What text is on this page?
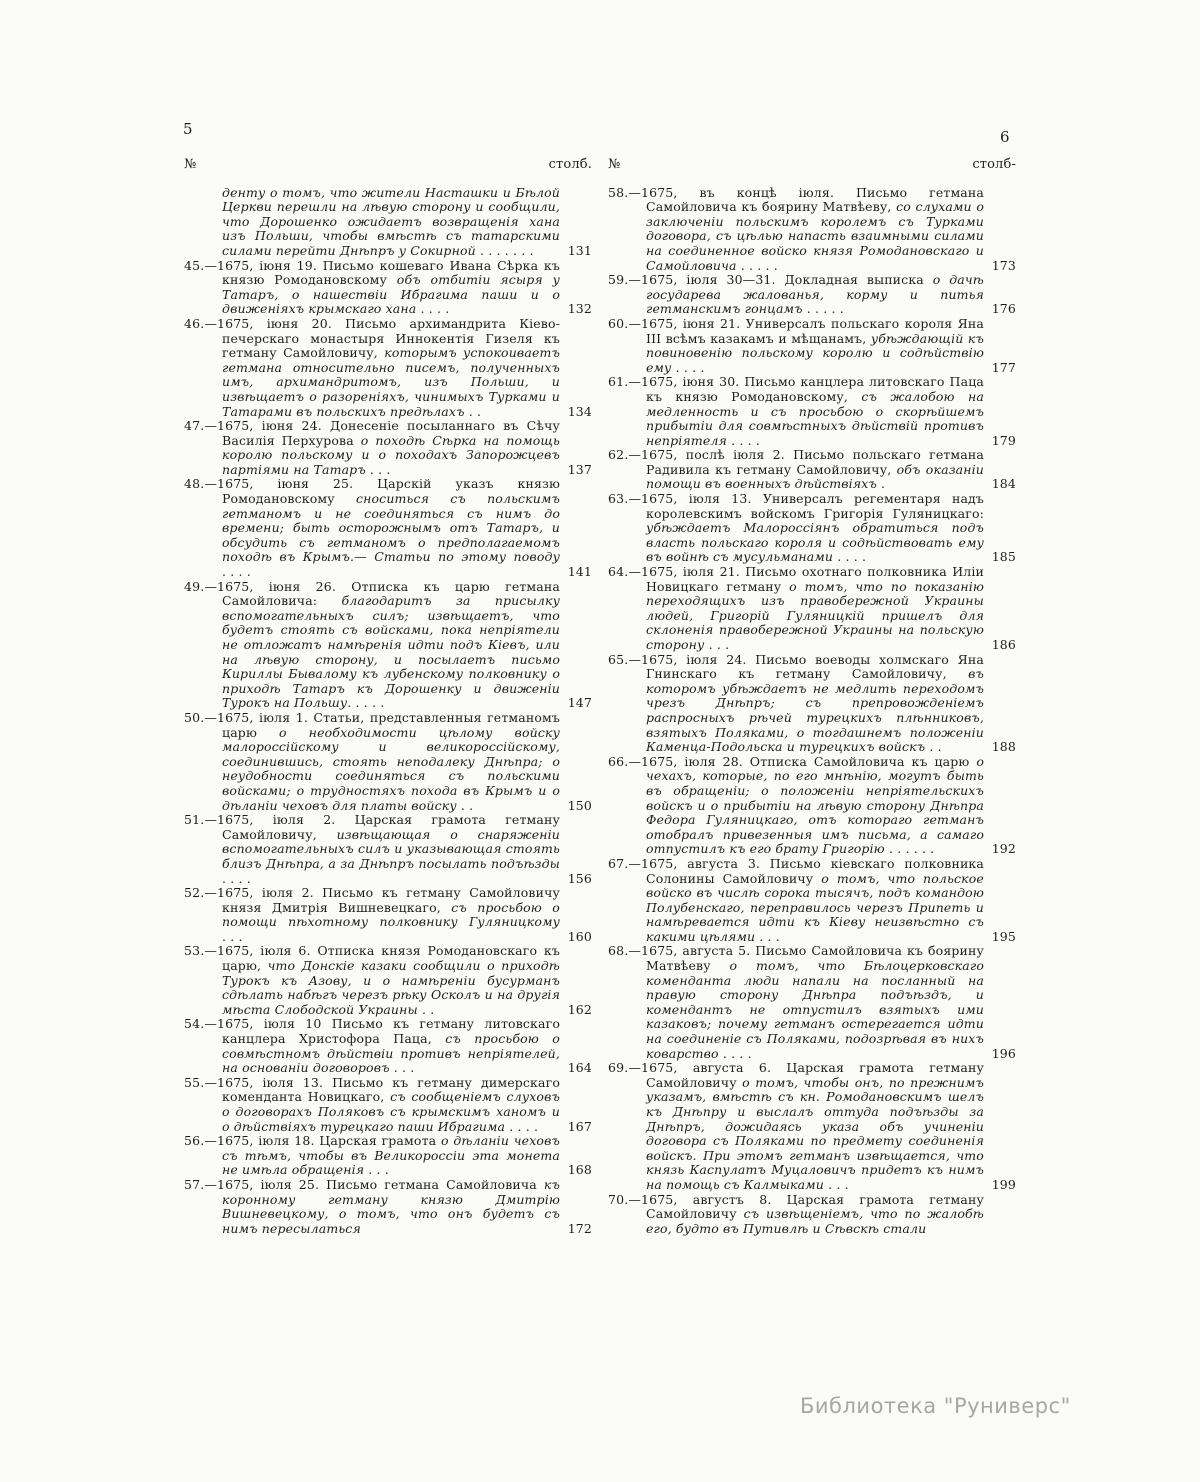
5	6
№	столб.
денту о томъ, что жители Насташки и Бѣлой Церкви перешли на лѣвую сторону и сообщили, что Дорошенко ожидаетъ возвращенія хана изъ Польши, чтобы вмѣстѣ съ татарскими силами перейти Днѣпръ у Сокирной . . . . . . .	131
45.—1675, іюня 19. Письмо кошеваго Ивана Сѣрка къ князю Ромодановскому объ отбитіи ясыря у Татаръ, о нашествіи Ибрагима паши и о движеніяхъ крымскаго хана . . . .	132
46.—1675, іюня 20. Письмо архимандрита Кіево-печерскаго монастыря Иннокентія Гизеля къ гетману Самойловичу, которымъ успокоиваетъ гетмана относительно писемъ, полученныхъ имъ, архимандритомъ, изъ Польши, и извѣщаетъ о разореніяхъ, чинимыхъ Турками и Татарами въ польскихъ предѣлахъ . .	134
47.—1675, іюня 24. Донесеніе посыланнаго въ Сѣчу Василія Перхурова о походѣ Сѣрка на помощь королю польскому и о походахъ Запорожцевъ партіями на Татаръ . . .	137
48.—1675, іюня 25. Царскій указъ князю Ромодановскому сноситься съ польскимъ гетманомъ и не соединяться съ нимъ до времени; быть осторожнымъ отъ Татаръ, и обсудить съ гетманомъ о предполагаемомъ походѣ въ Крымъ.— Статьи по этому поводу . . . .	141
49.—1675, іюня 26. Отписка къ царю гетмана Самойловича: благодаритъ за присылку вспомогательныхъ силъ; извѣщаетъ, что будетъ стоять съ войсками, пока непріятели не отложатъ намѣренія идти подъ Кіевъ, или на лѣвую сторону, и посылаетъ письмо Кириллы Бывалому къ лубенскому полковнику о приходѣ Татаръ къ Дорошенку и движеніи Турокъ на Польшу. . . . .	147
50.—1675, іюля 1. Статьи, представленныя гетманомъ царю о необходимости цѣлому войску малороссійскому и великороссійскому, соединившись, стоять неподалеку Днѣпра; о неудобности соединяться съ польскими войсками; о трудностяхъ похода въ Крымъ и о дѣланіи чеховъ для платы войску . .	150
51.—1675, іюля 2. Царская грамота гетману Самойловичу, извѣщающая о снаряженіи вспомогательныхъ силъ и указывающая стоять близъ Днѣпра, а за Днѣпръ посылать подъѣзды . . . .	156
52.—1675, іюля 2. Письмо къ гетману Самойловичу князя Дмитрія Вишневецкаго, съ просьбою о помощи пѣхотному полковнику Гуляницкому . . .	160
53.—1675, іюля 6. Отписка князя Ромодановскаго къ царю, что Донскіе казаки сообщили о приходѣ Турокъ къ Азову, и о намѣреніи бусурманъ сдѣлать набѣгъ черезъ рѣку Осколъ и на другія мѣста Слободской Украины . .	162
54.—1675, іюля 10 Письмо къ гетману литовскаго канцлера Христофора Паца, съ просьбою о совмѣстномъ дѣйствіи противъ непріятелей, на основаніи договоровъ . . .	164
55.—1675, іюля 13. Письмо къ гетману димерскаго коменданта Новицкаго, съ сообщеніемъ слуховъ о договорахъ Поляковъ съ крымскимъ ханомъ и о дѣйствіяхъ турецкаго паши Ибрагима . . . .	167
56.—1675, іюля 18. Царская грамота о дѣланіи чеховъ съ тѣмъ, чтобы въ Великороссіи эта монета не имѣла обращенія . . .	168
57.—1675, іюля 25. Письмо гетмана Самойловича къ коронному гетману князю Дмитрію Вишневецкому, о томъ, что онъ будетъ съ нимъ пересылаться	172
№	столб-
58.—1675, въ концѣ іюля. Письмо гетмана Самойловича къ боярину Матвѣеву, со слухами о заключеніи польскимъ королемъ съ Турками договора, съ цѣлью напасть взаимными силами на соединенное войско князя Ромодановскаго и Самойловича . . . . .	173
59.—1675, іюля 30—31. Докладная выписка о дачѣ государева жалованья, корму и питья гетманскимъ гонцамъ . . . . .	176
60.—1675, іюня 21. Универсалъ польскаго короля Яна III всѣмъ казакамъ и мѣщанамъ, убѣждающій къ повиновенію польскому королю и содѣйствію ему . . . .	177
61.—1675, іюня 30. Письмо канцлера литовскаго Паца къ князю Ромодановскому, съ жалобою на медленность и съ просьбою о скорѣйшемъ прибытіи для совмѣстныхъ дѣйствій противъ непріятеля . . . .	179
62.—1675, послѣ іюля 2. Письмо польскаго гетмана Радивила къ гетману Самойловичу, объ оказаніи помощи въ военныхъ дѣйствіяхъ .	184
63.—1675, іюля 13. Универсалъ регементаря надъ королевскимъ войскомъ Григорія Гуляницкаго: убѣждаетъ Малороссіянъ обратиться подъ власть польскаго короля и содѣйствовать ему въ войнѣ съ мусульманами . . . .	185
64.—1675, іюля 21. Письмо охотнаго полковника Иліи Новицкаго гетману о томъ, что по показанію переходящихъ изъ правобережной Украины людей, Григорій Гуляницкій пришелъ для склоненія правобережной Украины на польскую сторону . . .	186
65.—1675, іюля 24. Письмо воеводы холмскаго Яна Гнинскаго къ гетману Самойловичу, въ которомъ убѣждаетъ не медлить переходомъ чрезъ Днѣпръ; съ препровожденіемъ распросныхъ рѣчей турецкихъ плѣнниковъ, взятыхъ Поляками, о тогдашнемъ положеніи Каменца-Подольска и турецкихъ войскъ . .	188
66.—1675, іюля 28. Отписка Самойловича къ царю о чехахъ, которые, по его мнѣнію, могутъ быть въ обращеніи; о положеніи непріятельскихъ войскъ и о прибытіи на лѣвую сторону Днѣпра Федора Гуляницкаго, отъ котораго гетманъ отобралъ привезенныя имъ письма, а самаго отпустилъ къ его брату Григорію . . . . . .	192
67.—1675, августа 3. Письмо кіевскаго полковника Солонины Самойловичу о томъ, что польское войско въ числѣ сорока тысячъ, подъ командою Полубенскаго, переправилось черезъ Припеть и намѣревается идти къ Кіеву неизвѣстно съ какими цѣлями . . .	195
68.—1675, августа 5. Письмо Самойловича къ боярину Матвѣеву о томъ, что Бѣлоцерковскаго коменданта люди напали на посланный на правую сторону Днѣпра подъѣздъ, и комендантъ не отпустилъ взятыхъ ими казаковъ; почему гетманъ остерегается идти на соединеніе съ Поляками, подозрѣвая въ нихъ коварство . . . .	196
69.—1675, августа 6. Царская грамота гетману Самойловичу о томъ, чтобы онъ, по прежнимъ указамъ, вмѣстѣ съ кн. Ромодановскимъ шелъ къ Днѣпру и выслалъ оттуда подъѣзды за Днѣпръ, дожидаясь указа объ учиненіи договора съ Поляками по предмету соединенія войскъ. При этомъ гетманъ извѣщается, что князь Каспулатъ Муцаловичъ придетъ къ нимъ на помощь съ Калмыками . . .	199
70.—1675, августъ 8. Царская грамота гетману Самойловичу съ извѣщеніемъ, что по жалобѣ его, будто въ Путивлѣ и Сѣвскѣ стали
Библиотека "Руниверс"
